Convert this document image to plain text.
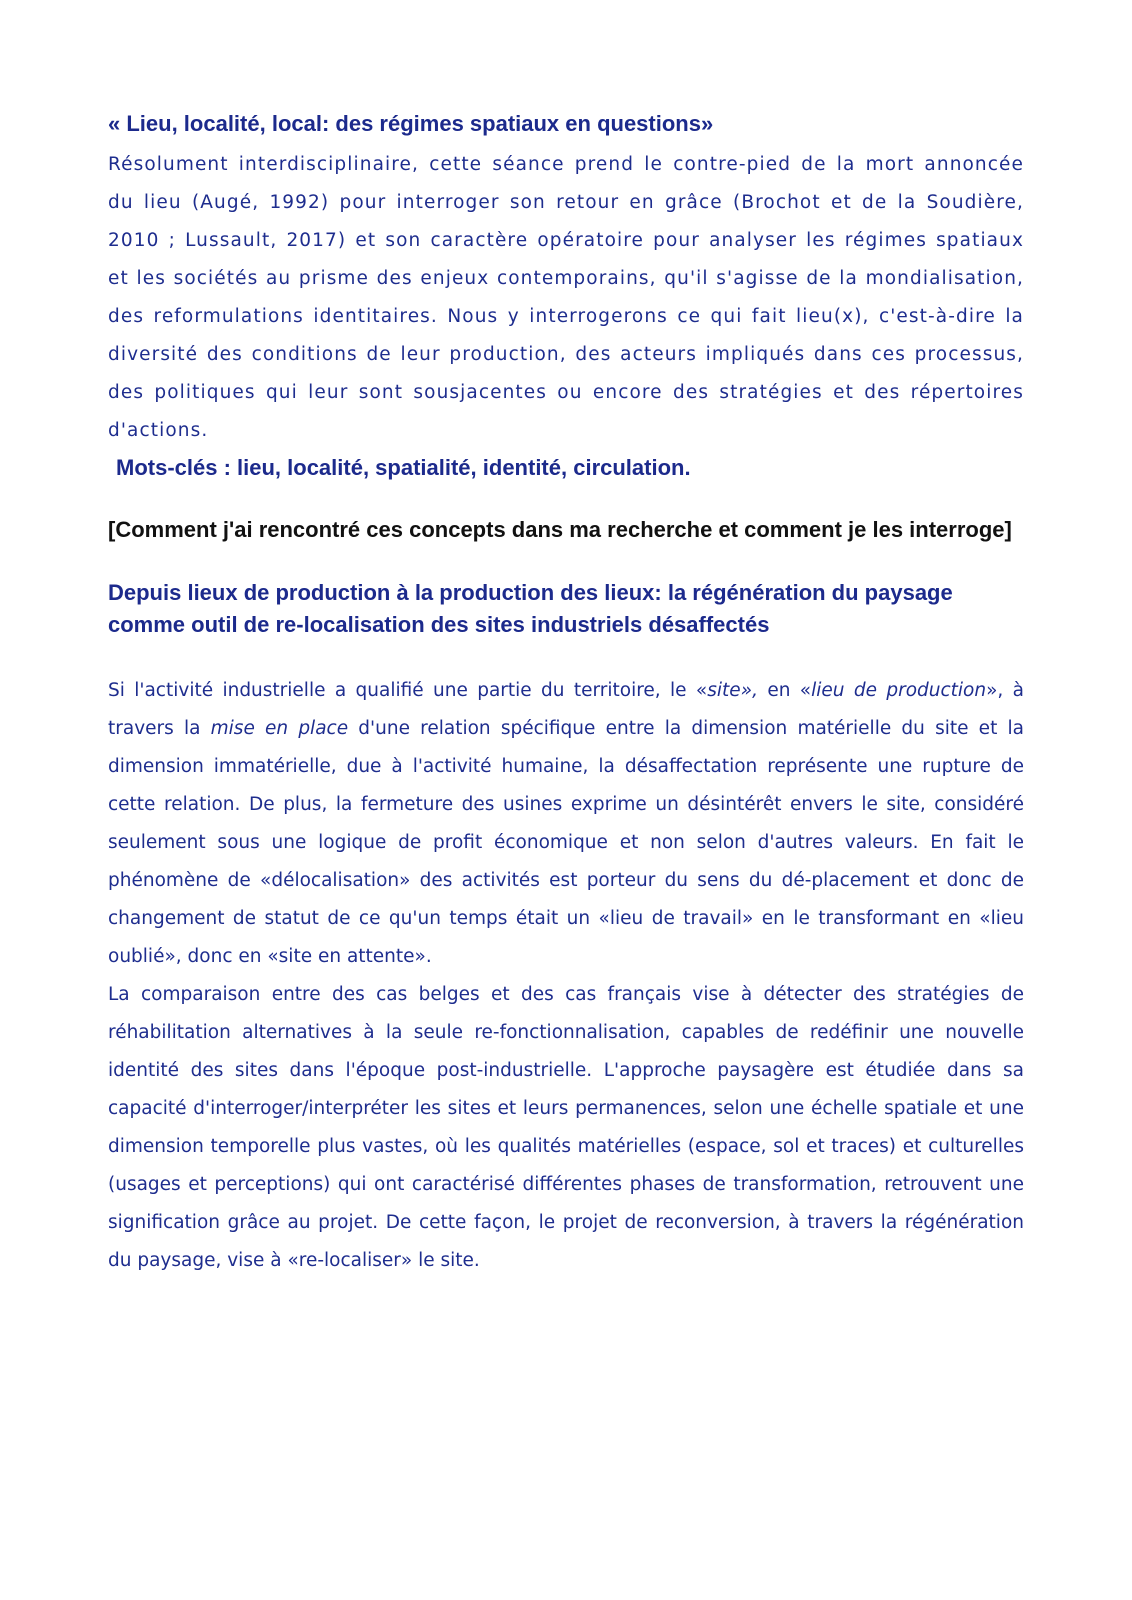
« Lieu, localité, local: des régimes spatiaux en questions»

Résolument interdisciplinaire, cette séance prend le contre-pied de la mort annoncée du lieu (Augé, 1992) pour interroger son retour en grâce (Brochot et de la Soudière, 2010 ; Lussault, 2017) et son caractère opératoire pour analyser les régimes spatiaux et les sociétés au prisme des enjeux contemporains, qu'il s'agisse de la mondialisation, des reformulations identitaires. Nous y interrogerons ce qui fait lieu(x), c'est-à-dire la diversité des conditions de leur production, des acteurs impliqués dans ces processus, des politiques qui leur sont sousjacentes ou encore des stratégies et des répertoires d'actions.

Mots-clés : lieu, localité, spatialité, identité, circulation.

[Comment j'ai rencontré ces concepts dans ma recherche et comment je les interroge]
Depuis lieux de production à la production des lieux: la régénération du paysage comme outil de re-localisation des sites industriels désaffectés

Si l'activité industrielle a qualifié une partie du territoire, le «site», en «lieu de production», à travers la mise en place d'une relation spécifique entre la dimension matérielle du site et la dimension immatérielle, due à l'activité humaine, la désaffectation représente une rupture de cette relation. De plus, la fermeture des usines exprime un désintérêt envers le site, considéré seulement sous une logique de profit économique et non selon d'autres valeurs. En fait le phénomène de «délocalisation» des activités est porteur du sens du dé-placement et donc de changement de statut de ce qu'un temps était un «lieu de travail» en le transformant en «lieu oublié», donc en «site en attente».

La comparaison entre des cas belges et des cas français vise à détecter des stratégies de réhabilitation alternatives à la seule re-fonctionnalisation, capables de redéfinir une nouvelle identité des sites dans l'époque post-industrielle. L'approche paysagère est étudiée dans sa capacité d'interroger/interpréter les sites et leurs permanences, selon une échelle spatiale et une dimension temporelle plus vastes, où les qualités matérielles (espace, sol et traces) et culturelles (usages et perceptions) qui ont caractérisé différentes phases de transformation, retrouvent une signification grâce au projet. De cette façon, le projet de reconversion, à travers la régénération du paysage, vise à «re-localiser» le site.
